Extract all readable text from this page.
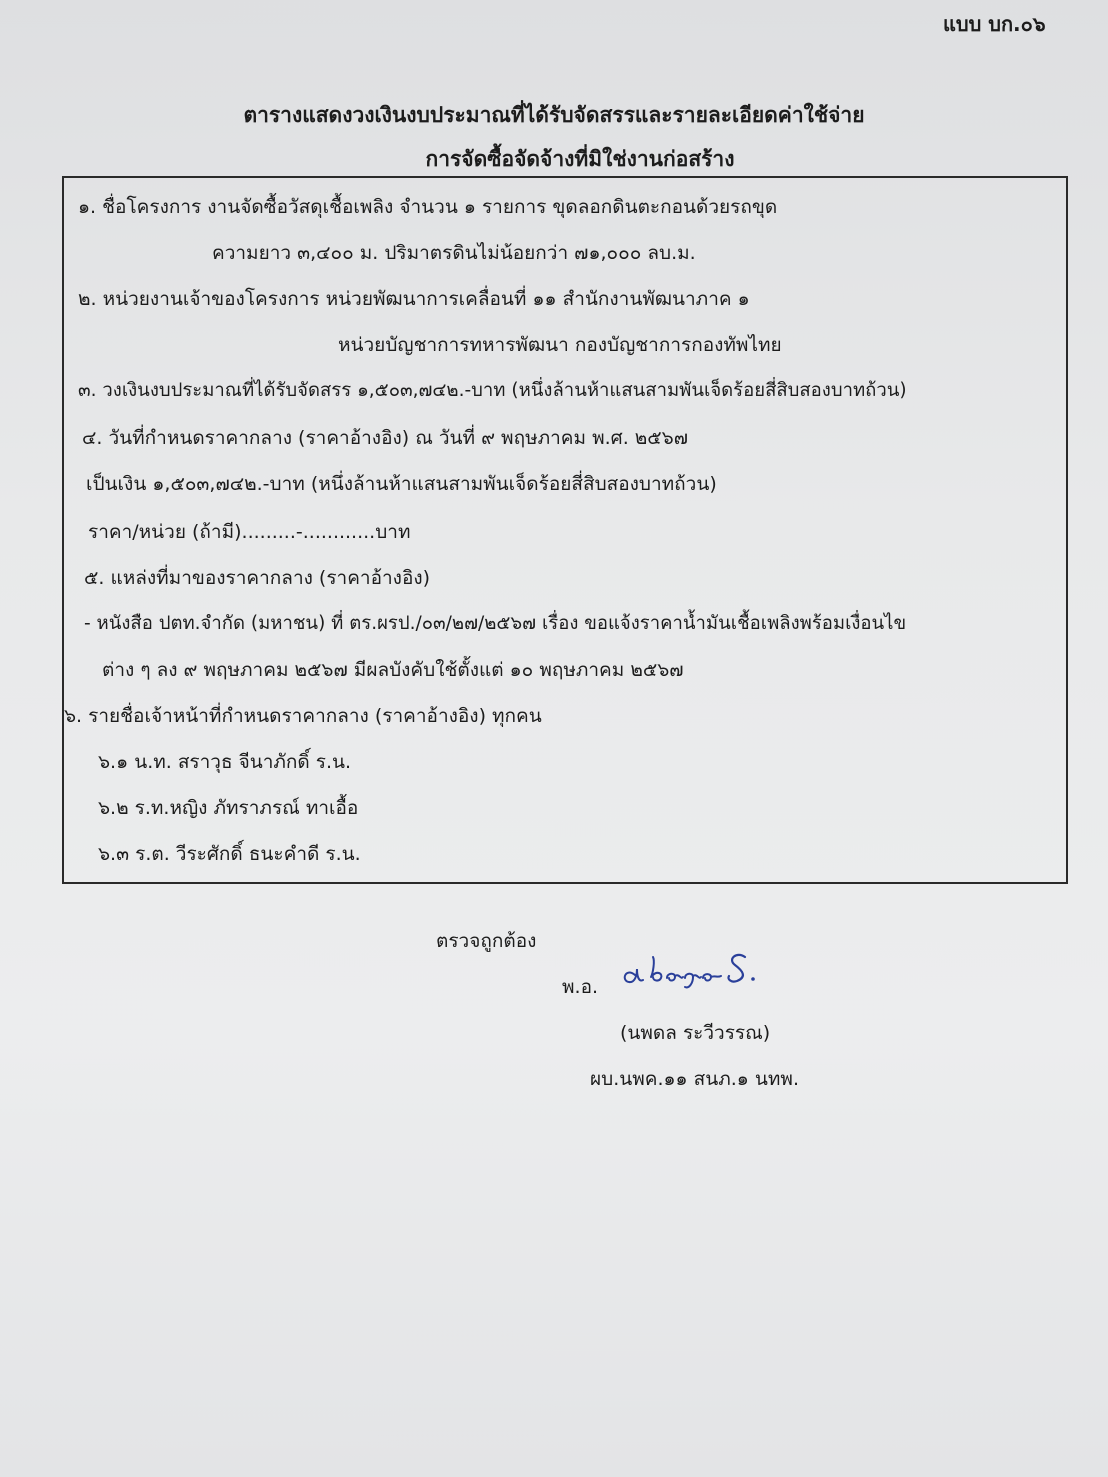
แบบ บก.๐๖
ตารางแสดงวงเงินงบประมาณที่ได้รับจัดสรรและรายละเอียดค่าใช้จ่าย
การจัดซื้อจัดจ้างที่มิใช่งานก่อสร้าง
๑. ชื่อโครงการ งานจัดซื้อวัสดุเชื้อเพลิง จำนวน ๑ รายการ ขุดลอกดินตะกอนด้วยรถขุด
ความยาว ๓,๔๐๐ ม. ปริมาตรดินไม่น้อยกว่า ๗๑,๐๐๐ ลบ.ม.
๒. หน่วยงานเจ้าของโครงการ หน่วยพัฒนาการเคลื่อนที่ ๑๑ สำนักงานพัฒนาภาค ๑
หน่วยบัญชาการทหารพัฒนา กองบัญชาการกองทัพไทย
๓. วงเงินงบประมาณที่ได้รับจัดสรร ๑,๕๐๓,๗๔๒.-บาท (หนึ่งล้านห้าแสนสามพันเจ็ดร้อยสี่สิบสองบาทถ้วน)
๔. วันที่กำหนดราคากลาง (ราคาอ้างอิง) ณ วันที่ ๙ พฤษภาคม พ.ศ. ๒๕๖๗
เป็นเงิน ๑,๕๐๓,๗๔๒.-บาท (หนึ่งล้านห้าแสนสามพันเจ็ดร้อยสี่สิบสองบาทถ้วน)
ราคา/หน่วย (ถ้ามี).........-............บาท
๕. แหล่งที่มาของราคากลาง (ราคาอ้างอิง)
- หนังสือ ปตท.จำกัด (มหาชน) ที่ ตร.ผรป./๐๓/๒๗/๒๕๖๗ เรื่อง ขอแจ้งราคาน้ำมันเชื้อเพลิงพร้อมเงื่อนไข
ต่าง ๆ ลง ๙ พฤษภาคม ๒๕๖๗ มีผลบังคับใช้ตั้งแต่ ๑๐ พฤษภาคม ๒๕๖๗
๖. รายชื่อเจ้าหน้าที่กำหนดราคากลาง (ราคาอ้างอิง) ทุกคน
๖.๑ น.ท. สราวุธ จีนาภักดิ์ ร.น.
๖.๒ ร.ท.หญิง ภัทราภรณ์ ทาเอื้อ
๖.๓ ร.ต. วีระศักดิ์ ธนะคำดี ร.น.
ตรวจถูกต้อง
พ.อ.
(นพดล ระวีวรรณ)
ผบ.นพค.๑๑ สนภ.๑ นทพ.
